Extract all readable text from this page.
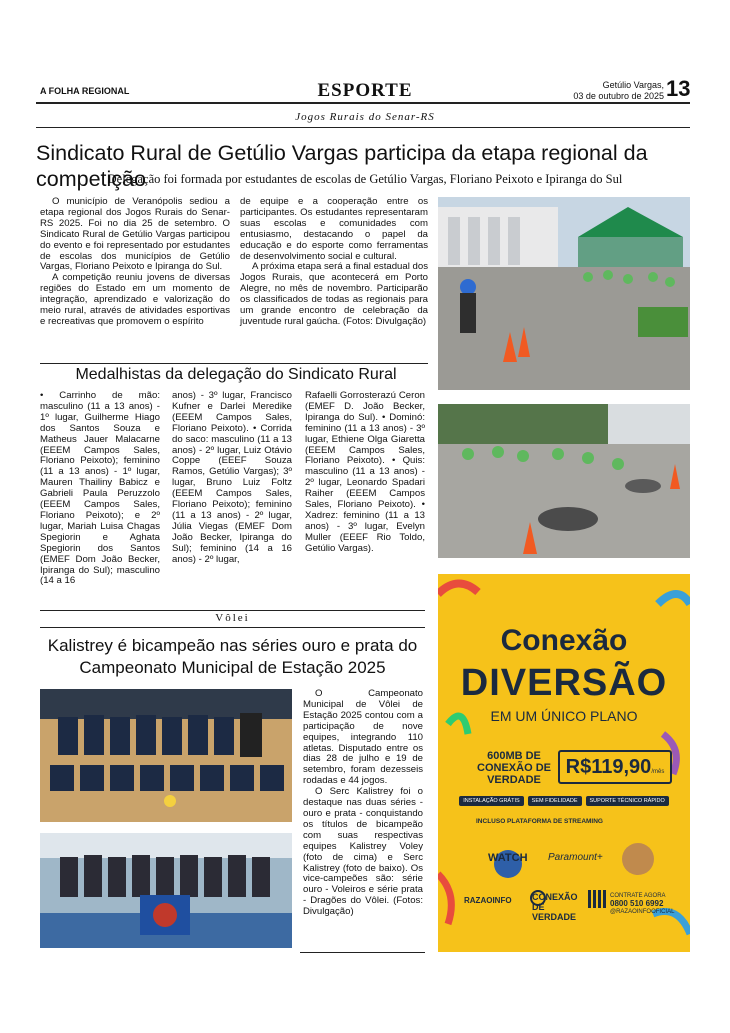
A FOLHA REGIONAL	ESPORTE	Getúlio Vargas,
03 de outubro de 2025 13
Jogos Rurais do Senar-RS
Sindicato Rural de Getúlio Vargas participa da etapa regional da competição
Delegação foi formada por estudantes de escolas de Getúlio Vargas, Floriano Peixoto e Ipiranga do Sul

O município de Veranópolis sediou a etapa regional dos Jogos Rurais do Senar-RS 2025. Foi no dia 25 de setembro. O Sindicato Rural de Getúlio Vargas participou do evento e foi representado por estudantes de escolas dos municípios de Getúlio Vargas, Floriano Peixoto e Ipiranga do Sul.

A competição reuniu jovens de diversas regiões do Estado em um momento de integração, aprendizado e valorização do meio rural, através de atividades esportivas e recreativas que promovem o espírito

de equipe e a cooperação entre os participantes. Os estudantes representaram suas escolas e comunidades com entusiasmo, destacando o papel da educação e do esporte como ferramentas de desenvolvimento social e cultural.

A próxima etapa será a final estadual dos Jogos Rurais, que acontecerá em Porto Alegre, no mês de novembro. Participarão os classificados de todas as regionais para um grande encontro de celebração da juventude rural gaúcha. (Fotos: Divulgação)

Medalhistas da delegação do Sindicato Rural
• Carrinho de mão: masculino (11 a 13 anos) - 1º lugar, Guilherme Hiago dos Santos Souza e Matheus Jauer Malacarne (EEEM Campos Sales, Floriano Peixoto); feminino (11 a 13 anos) - 1º lugar, Mauren Thailiny Babicz e Gabrieli Paula Peruzzolo (EEEM Campos Sales, Floriano Peixoto); e 2º lugar, Mariah Luisa Chagas Spegiorin e Aghata Spegiorin dos Santos (EMEF Dom João Becker, Ipiranga do Sul); masculino (14 a 16
anos) - 3º lugar, Francisco Kufner e Darlei Meredike (EEEM Campos Sales, Floriano Peixoto). • Corrida do saco: masculino (11 a 13 anos) - 2º lugar, Luiz Otávio Coppe (EEEF Souza Ramos, Getúlio Vargas); 3º lugar, Bruno Luiz Foltz (EEEM Campos Sales, Floriano Peixoto); feminino (11 a 13 anos) - 2º lugar, Júlia Viegas (EMEF Dom João Becker, Ipiranga do Sul); feminino (14 a 16 anos) - 2º lugar,
Rafaelli Gorrosterazú Ceron (EMEF D. João Becker, Ipiranga do Sul). • Dominó: feminino (11 a 13 anos) - 3º lugar, Ethiene Olga Giaretta (EEEM Campos Sales, Floriano Peixoto). • Quis: masculino (11 a 13 anos) - 2º lugar, Leonardo Spadari Raiher (EEEM Campos Sales, Floriano Peixoto). • Xadrez: feminino (11 a 13 anos) - 3º lugar, Evelyn Muller (EEEF Rio Toldo, Getúlio Vargas).
Vôlei
Kalistrey é bicampeão nas séries ouro e prata do Campeonato Municipal de Estação 2025

O Campeonato Municipal de Vôlei de Estação 2025 contou com a participação de nove equipes, integrando 110 atletas. Disputado entre os dias 28 de julho e 19 de setembro, foram dezesseis rodadas e 44 jogos.

O Serc Kalistrey foi o destaque nas duas séries - ouro e prata - conquistando os títulos de bicampeão com suas respectivas equipes Kalistrey Voley (foto de cima) e Serc Kalistrey (foto de baixo). Os vice-campeões são: série ouro - Voleiros e série prata - Dragões do Vôlei. (Fotos: Divulgação)

Conexão
DIVERSÃO
EM UM ÚNICO PLANO
600MB DE CONEXÃO DE VERDADE
R$119,90/mês
INSTALAÇÃO GRÁTIS	SEM FIDELIDADE	SUPORTE TÉCNICO RÁPIDO
INCLUSO PLATAFORMA DE STREAMING
WATCH Paramount+
RAZAOINFO CONEXÃO DE VERDADE
CONTRATE AGORA
0800 510 6992
@RAZAOINFOOFICIAL
